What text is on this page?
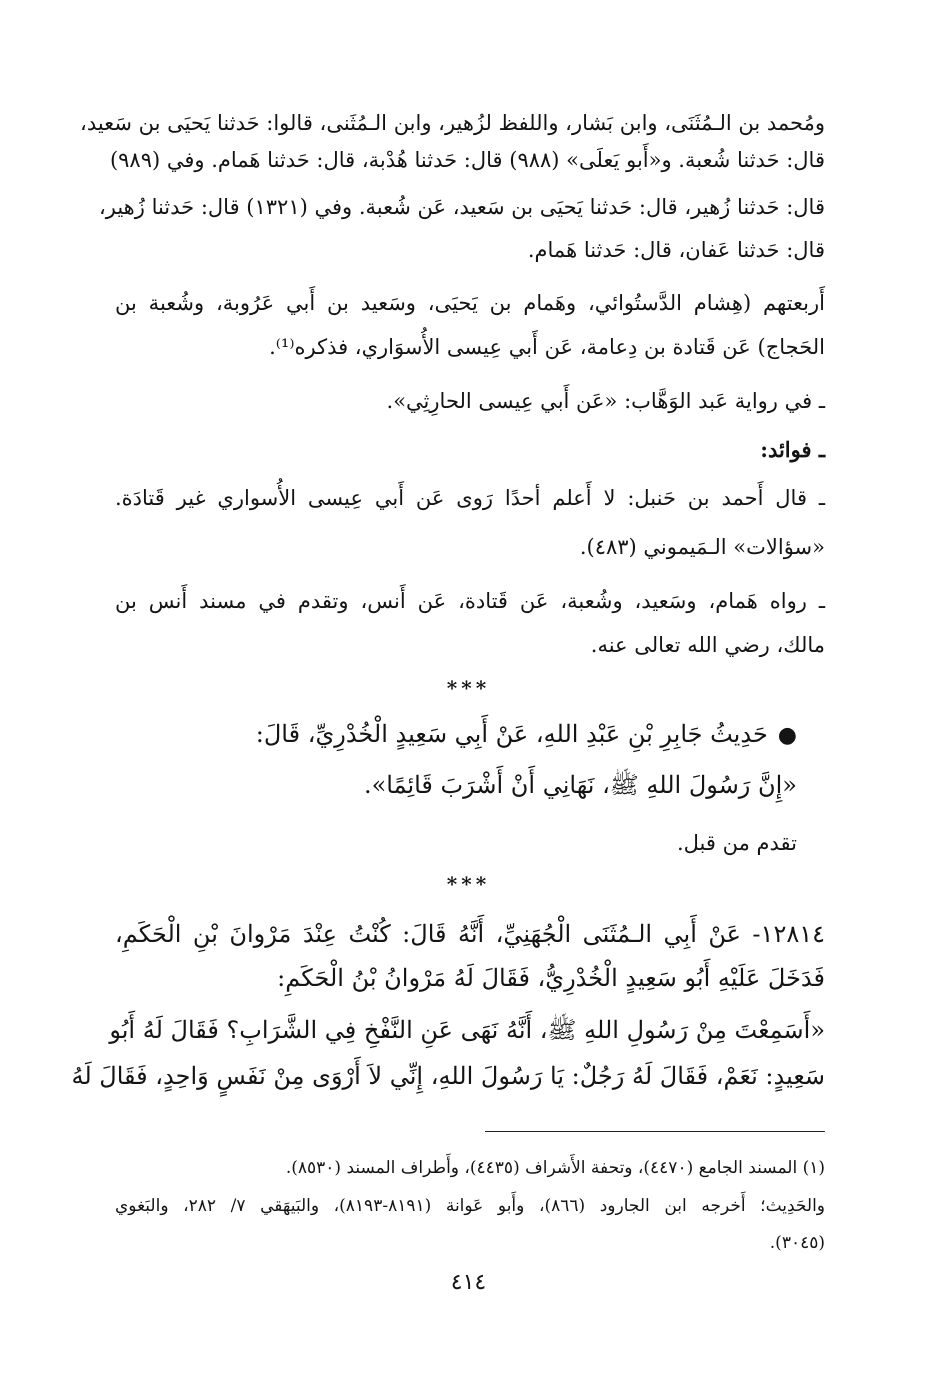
ومُحمد بن الـمُثَنَى، وابن بَشار، واللفظ لزُهير، وابن الـمُثَنى، قالوا: حَدثنا يَحيَى بن سَعيد،
قال: حَدثنا شُعبة. و«أَبو يَعلَى» (٩٨٨) قال: حَدثنا هُدْبة، قال: حَدثنا هَمام. وفي (٩٨٩)
قال: حَدثنا زُهير، قال: حَدثنا يَحيَى بن سَعيد، عَن شُعبة. وفي (١٣٢١) قال: حَدثنا زُهير،
قال: حَدثنا عَفان، قال: حَدثنا هَمام.
أَربعتهم (هِشام الدَّستُوائي، وهَمام بن يَحيَى، وسَعيد بن أَبي عَرُوبة، وشُعبة بن
الحَجاج) عَن قَتادة بن دِعامة، عَن أَبي عِيسى الأُسوَاري، فذكره⁽¹⁾.
ـ في رواية عَبد الوَهَّاب: «عَن أَبي عِيسى الحارِثِي».
ـ فوائد:
ـ قال أَحمد بن حَنبل: لا أَعلم أحدًا رَوى عَن أَبي عِيسى الأُسواري غير قَتادَة.
«سؤالات» الـمَيموني (٤٨٣).
ـ رواه هَمام، وسَعيد، وشُعبة، عَن قَتادة، عَن أَنس، وتقدم في مسند أَنس بن
مالك، رضي الله تعالى عنه.
***
●حَدِيثُ جَابِرِ بْنِ عَبْدِ اللهِ، عَنْ أَبِي سَعِيدٍ الْخُدْرِيِّ، قَالَ:
«إِنَّ رَسُولَ اللهِ ﷺ، نَهَانِي أَنْ أَشْرَبَ قَائِمًا».
تقدم من قبل.
***
١٢٨١٤- عَنْ أَبِي الـمُثَنَى الْجُهَنِيِّ، أَنَّهُ قَالَ: كُنْتُ عِنْدَ مَرْوانَ بْنِ الْحَكَمِ،
فَدَخَلَ عَلَيْهِ أَبُو سَعِيدٍ الْخُدْرِيُّ، فَقَالَ لَهُ مَرْوانُ بْنُ الْحَكَمِ:
«أَسَمِعْتَ مِنْ رَسُولِ اللهِ ﷺ، أَنَّهُ نَهَى عَنِ النَّفْخِ فِي الشَّرَابِ؟ فَقَالَ لَهُ أَبُو
سَعِيدٍ: نَعَمْ، فَقَالَ لَهُ رَجُلٌ: يَا رَسُولَ اللهِ، إِنِّي لاَ أَرْوَى مِنْ نَفَسٍ وَاحِدٍ، فَقَالَ لَهُ
(١) المسند الجامع (٤٤٧٠)، وتحفة الأَشراف (٤٤٣٥)، وأَطراف المسند (٨٥٣٠).
والحَدِيث؛ أَخرجه ابن الجارود (٨٦٦)، وأَبو عَوانة (٨١٩١-٨١٩٣)، والبَيهَقي ٧/ ٢٨٢، والبَغوي
(٣٠٤٥).
٤١٤
